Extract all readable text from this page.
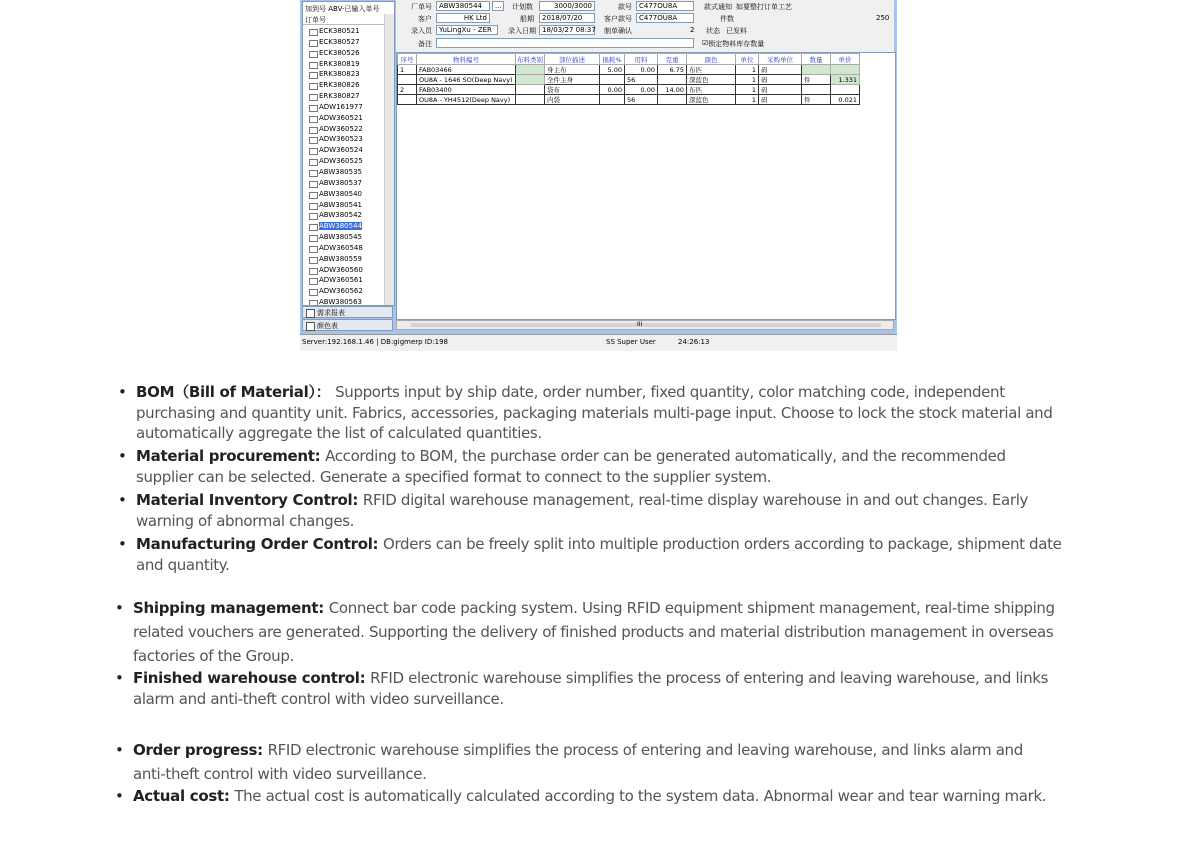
加到号 ABV-已输入单号
订单号
ECK380521
ECK380527
ECK380526
ERK380819
ERK380823
ERK380826
ERK380827
ADW161977
ADW360521
ADW360522
ADW360523
ADW360524
ADW360525
ABW380535
ABW380537
ABW380540
ABW380541
ABW380542
ABW380544
ABW380545
ADW360548
ABW380559
ADW360560
ADW360561
ADW360562
ABW380563
需求报表
颜色表
厂单号	ABW380544	...	计划数	3000/3000	款号	C477OU8A	款式通知 如要整打订单工艺
客户	HK Ltd	船期	2018/07/20	客户款号	C477OU8A	件数	250
录入员	YuLingXu - ZER	录入日期 18/03/27 08:37 制单确认	2 状态 已发料
备注	☑ 锁定物料库存数量
序号	物料编号	布料类别	部位描述	损耗%	用料	克重	颜色	单位	采购单位	数量	单价
1	FAB03466		身主布	5.00	0.00	6.75	布匹	1	码		
	OU8A - 1646 SO(Deep Navy)		全件主身		56		深蓝色	1	码	件	1.331
2	FAB03400		袋布	0.00	0.00	14.00	布匹	1	码		
	OU8A - YH4512(Deep Navy)		内袋		56		深蓝色	1	码	件	0.021
III
Server:192.168.1.46 | DB:gigmerp ID:198	SS Super User	24:26:13
• BOM（Bill of Material）： Supports input by ship date, order number, fixed quantity, color matching code, independent
purchasing and quantity unit. Fabrics, accessories, packaging materials multi-page input. Choose to lock the stock material and
automatically aggregate the list of calculated quantities.
• Material procurement: According to BOM, the purchase order can be generated automatically, and the recommended
supplier can be selected. Generate a specified format to connect to the supplier system.
• Material Inventory Control: RFID digital warehouse management, real-time display warehouse in and out changes. Early
warning of abnormal changes.
• Manufacturing Order Control: Orders can be freely split into multiple production orders according to package, shipment date
and quantity.
• Shipping management: Connect bar code packing system. Using RFID equipment shipment management, real-time shipping
related vouchers are generated. Supporting the delivery of finished products and material distribution management in overseas
factories of the Group.
• Finished warehouse control: RFID electronic warehouse simplifies the process of entering and leaving warehouse, and links
alarm and anti-theft control with video surveillance.
• Order progress: RFID electronic warehouse simplifies the process of entering and leaving warehouse, and links alarm and
anti-theft control with video surveillance.
• Actual cost: The actual cost is automatically calculated according to the system data. Abnormal wear and tear warning mark.
